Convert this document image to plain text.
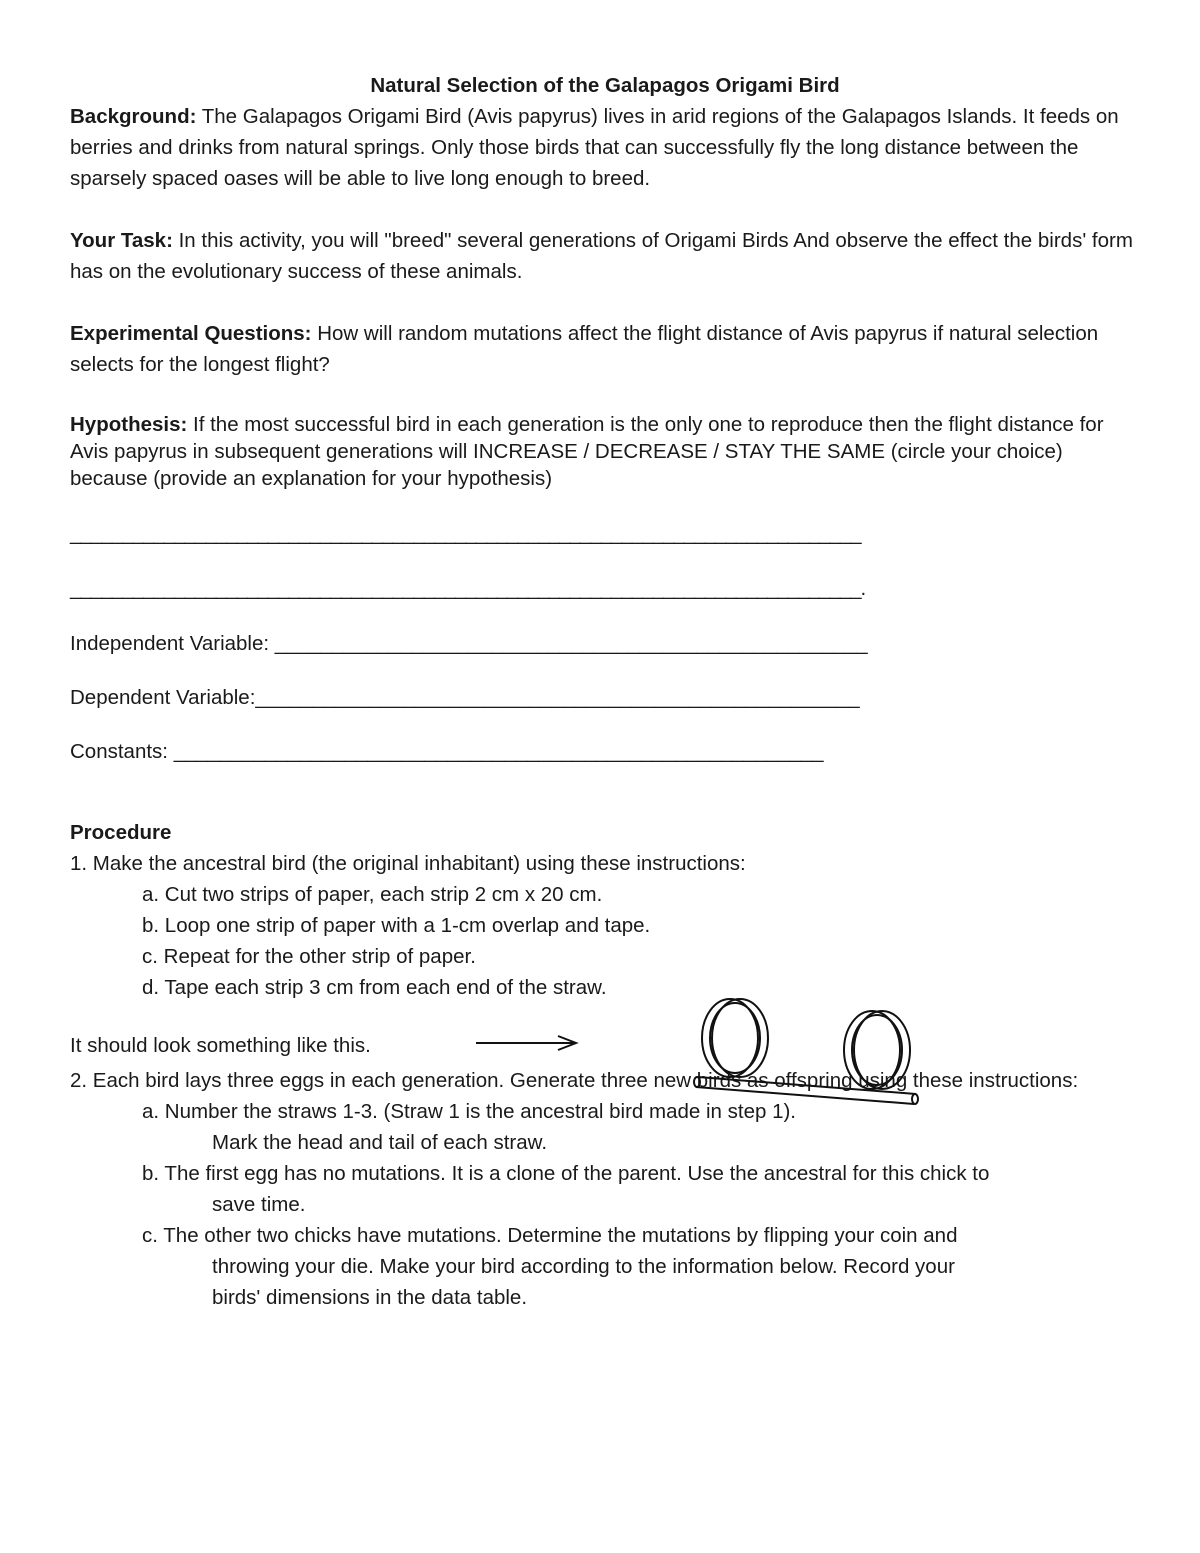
Natural Selection of the Galapagos Origami Bird

Background: The Galapagos Origami Bird (Avis papyrus) lives in arid regions of the Galapagos Islands. It feeds on berries and drinks from natural springs. Only those birds that can successfully fly the long distance between the sparsely spaced oases will be able to live long enough to breed.

Your Task: In this activity, you will "breed" several generations of Origami Birds And observe the effect the birds' form has on the evolutionary success of these animals.

Experimental Questions: How will random mutations affect the flight distance of Avis papyrus if natural selection selects for the longest flight?

Hypothesis: If the most successful bird in each generation is the only one to reproduce then the flight distance for Avis papyrus in subsequent generations will INCREASE / DECREASE / STAY THE SAME (circle your choice) because (provide an explanation for your hypothesis)

____________________________________________________________________________

____________________________________________________________________________.

Independent Variable: ____________________________________________________

Dependent Variable:_____________________________________________________

Constants: _________________________________________________________

Procedure

1. Make the ancestral bird (the original inhabitant) using these instructions:

a. Cut two strips of paper, each strip 2 cm x 20 cm.

b. Loop one strip of paper with a 1-cm overlap and tape.

c. Repeat for the other strip of paper.

d. Tape each strip 3 cm from each end of the straw.

It should look something like this.

2. Each bird lays three eggs in each generation. Generate three new birds as offspring using these instructions:

a. Number the straws 1-3. (Straw 1 is the ancestral bird made in step 1).

Mark the head and tail of each straw.

b. The first egg has no mutations. It is a clone of the parent. Use the ancestral for this chick to

save time.

c. The other two chicks have mutations. Determine the mutations by flipping your coin and

throwing your die. Make your bird according to the information below. Record your

birds' dimensions in the data table.
